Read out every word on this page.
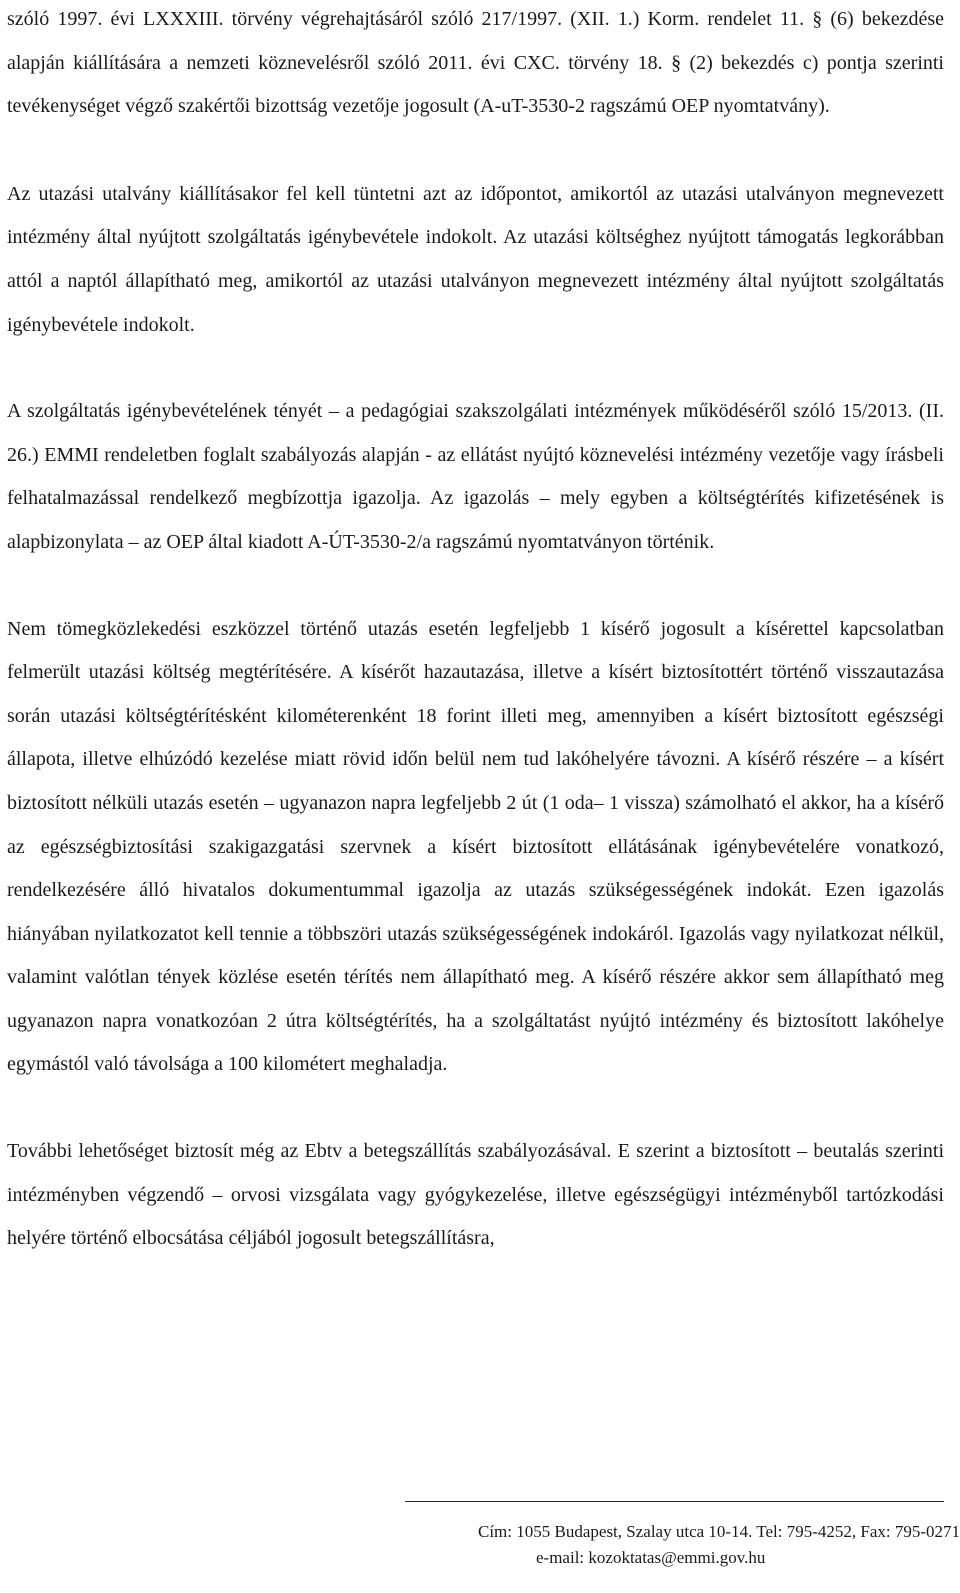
szóló 1997. évi LXXXIII. törvény végrehajtásáról szóló 217/1997. (XII. 1.) Korm. rendelet 11. § (6) bekezdése alapján kiállítására a nemzeti köznevelésről szóló 2011. évi CXC. törvény 18. § (2) bekezdés c) pontja szerinti tevékenységet végző szakértői bizottság vezetője jogosult (A-uT-3530-2 ragszámú OEP nyomtatvány).

Az utazási utalvány kiállításakor fel kell tüntetni azt az időpontot, amikortól az utazási utalványon megnevezett intézmény által nyújtott szolgáltatás igénybevétele indokolt. Az utazási költséghez nyújtott támogatás legkorábban attól a naptól állapítható meg, amikortól az utazási utalványon megnevezett intézmény által nyújtott szolgáltatás igénybevétele indokolt.

A szolgáltatás igénybevételének tényét – a pedagógiai szakszolgálati intézmények működéséről szóló 15/2013. (II. 26.) EMMI rendeletben foglalt szabályozás alapján - az ellátást nyújtó köznevelési intézmény vezetője vagy írásbeli felhatalmazással rendelkező megbízottja igazolja. Az igazolás – mely egyben a költségtérítés kifizetésének is alapbizonylata – az OEP által kiadott A-ÚT-3530-2/a ragszámú nyomtatványon történik.

Nem tömegközlekedési eszközzel történő utazás esetén legfeljebb 1 kísérő jogosult a kísérettel kapcsolatban felmerült utazási költség megtérítésére. A kísérőt hazautazása, illetve a kísért biztosítottért történő visszautazása során utazási költségtérítésként kilométerenként 18 forint illeti meg, amennyiben a kísért biztosított egészségi állapota, illetve elhúzódó kezelése miatt rövid időn belül nem tud lakóhelyére távozni. A kísérő részére – a kísért biztosított nélküli utazás esetén – ugyanazon napra legfeljebb 2 út (1 oda– 1 vissza) számolható el akkor, ha a kísérő az egészségbiztosítási szakigazgatási szervnek a kísért biztosított ellátásának igénybevételére vonatkozó, rendelkezésére álló hivatalos dokumentummal igazolja az utazás szükségességének indokát. Ezen igazolás hiányában nyilatkozatot kell tennie a többszöri utazás szükségességének indokáról. Igazolás vagy nyilatkozat nélkül, valamint valótlan tények közlése esetén térítés nem állapítható meg. A kísérő részére akkor sem állapítható meg ugyanazon napra vonatkozóan 2 útra költségtérítés, ha a szolgáltatást nyújtó intézmény és biztosított lakóhelye egymástól való távolsága a 100 kilométert meghaladja.

További lehetőséget biztosít még az Ebtv a betegszállítás szabályozásával. E szerint a biztosított – beutalás szerinti intézményben végzendő – orvosi vizsgálata vagy gyógykezelése, illetve egészségügyi intézményből tartózkodási helyére történő elbocsátása céljából jogosult betegszállításra,

Cím: 1055 Budapest, Szalay utca 10-14. Tel: 795-4252, Fax: 795-0271
e-mail: kozoktatas@emmi.gov.hu
